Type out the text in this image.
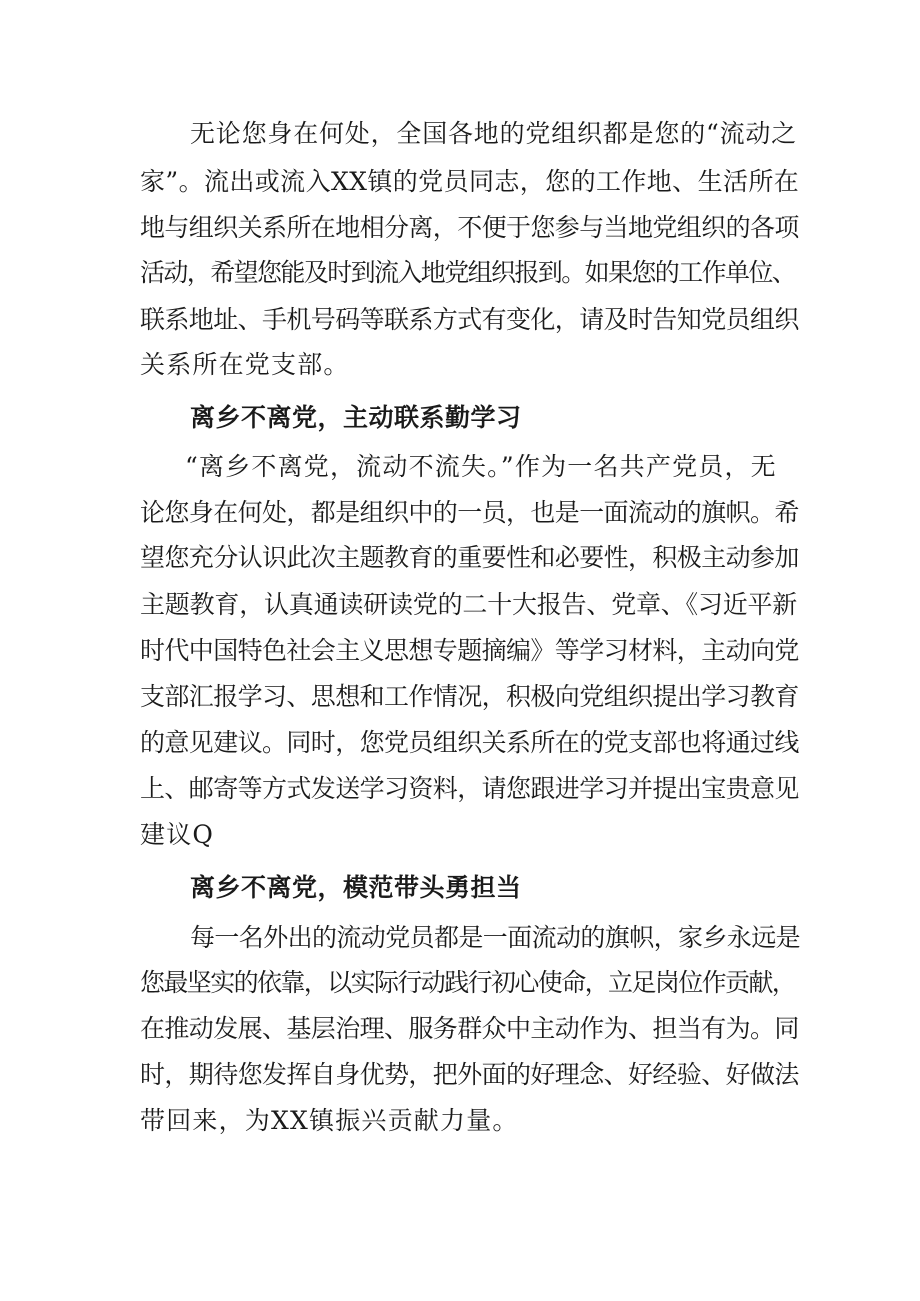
无论您身在何处，全国各地的党组织都是您的“流动之

家”。流出或流入XX镇的党员同志，您的工作地、生活所在

地与组织关系所在地相分离，不便于您参与当地党组织的各项

活动，希望您能及时到流入地党组织报到。如果您的工作单位、

联系地址、手机号码等联系方式有变化，请及时告知党员组织

关系所在党支部。

离乡不离党，主动联系勤学习

“离乡不离党，流动不流失。”作为一名共产党员，无

论您身在何处，都是组织中的一员，也是一面流动的旗帜。希

望您充分认识此次主题教育的重要性和必要性，积极主动参加

主题教育，认真通读研读党的二十大报告、党章、《习近平新

时代中国特色社会主义思想专题摘编》等学习材料，主动向党

支部汇报学习、思想和工作情况，积极向党组织提出学习教育

的意见建议。同时，您党员组织关系所在的党支部也将通过线

上、邮寄等方式发送学习资料，请您跟进学习并提出宝贵意见

建议Q

离乡不离党，模范带头勇担当

每一名外出的流动党员都是一面流动的旗帜，家乡永远是

您最坚实的依靠，以实际行动践行初心使命，立足岗位作贡献，

在推动发展、基层治理、服务群众中主动作为、担当有为。同

时，期待您发挥自身优势，把外面的好理念、好经验、好做法

带回来，为XX镇振兴贡献力量。
